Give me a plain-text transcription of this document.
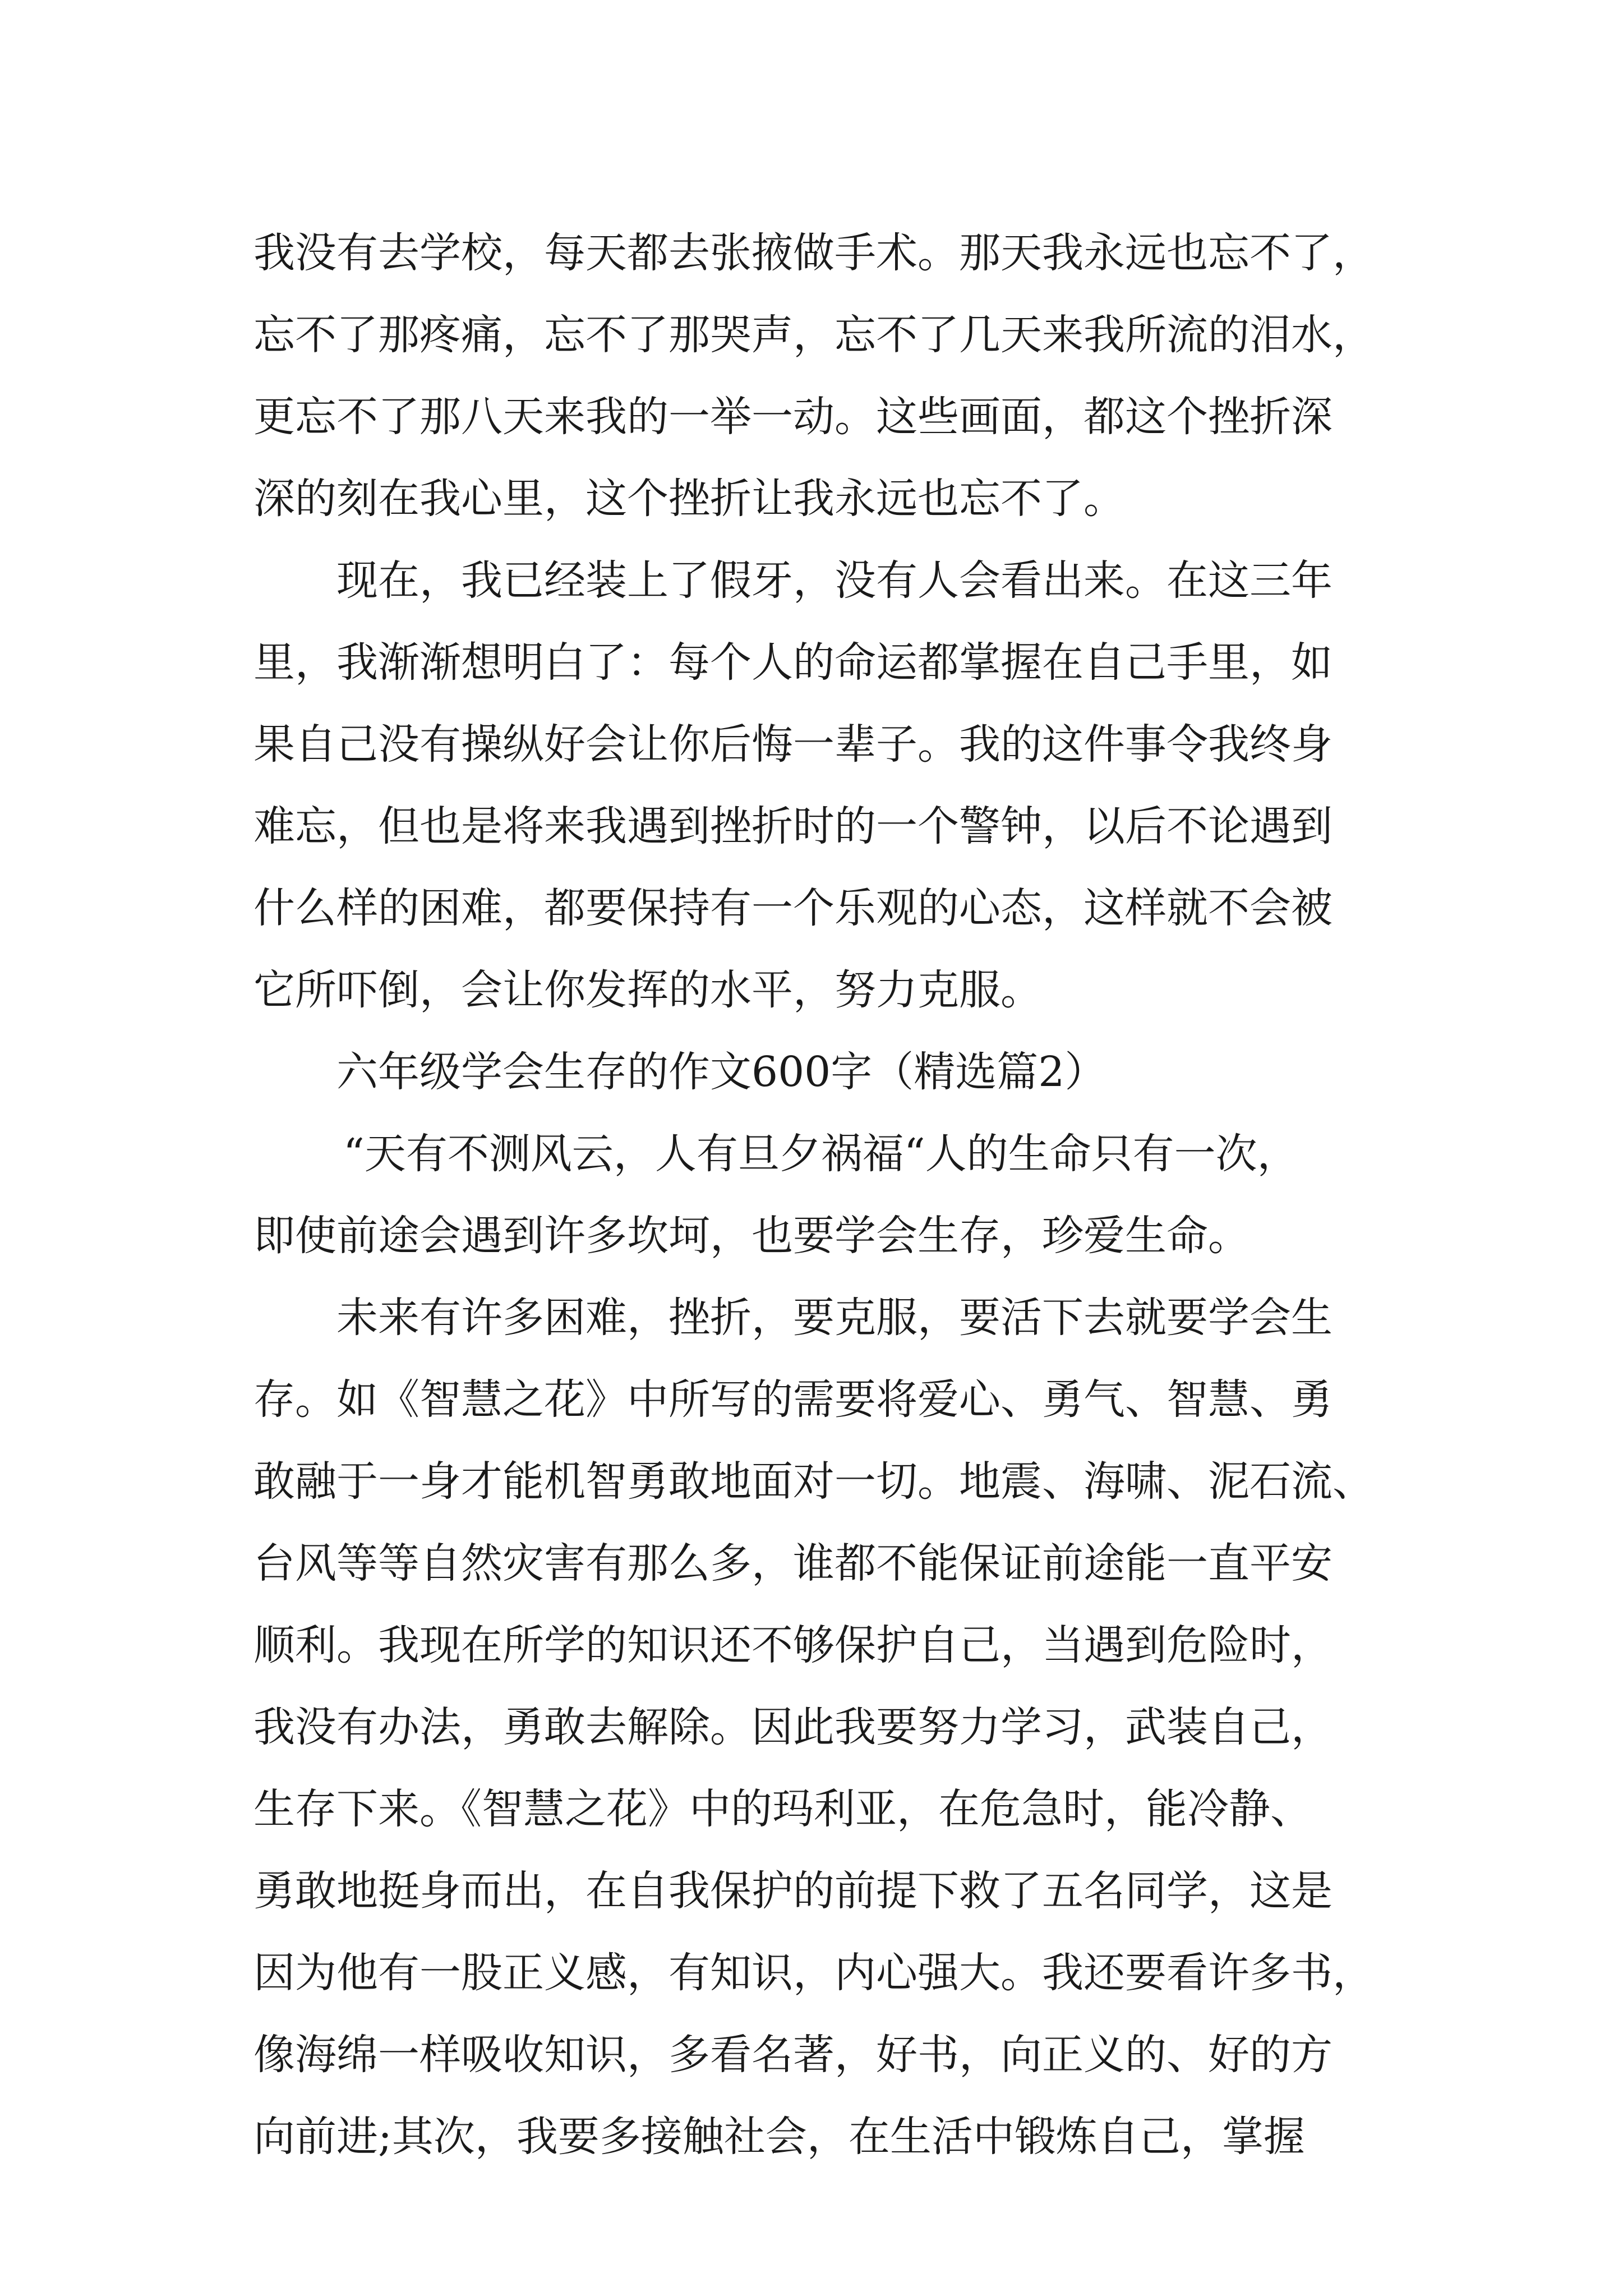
我没有去学校，每天都去张掖做手术。那天我永远也忘不了，
忘不了那疼痛，忘不了那哭声，忘不了几天来我所流的泪水，
更忘不了那八天来我的一举一动。这些画面，都这个挫折深
深的刻在我心里，这个挫折让我永远也忘不了。
现在，我已经装上了假牙，没有人会看出来。在这三年
里，我渐渐想明白了：每个人的命运都掌握在自己手里，如
果自己没有操纵好会让你后悔一辈子。我的这件事令我终身
难忘，但也是将来我遇到挫折时的一个警钟，以后不论遇到
什么样的困难，都要保持有一个乐观的心态，这样就不会被
它所吓倒，会让你发挥的水平，努力克服。
六年级学会生存的作文600字（精选篇2）
“天有不测风云，人有旦夕祸福“人的生命只有一次，
即使前途会遇到许多坎坷，也要学会生存，珍爱生命。
未来有许多困难，挫折，要克服，要活下去就要学会生
存。如《智慧之花》中所写的需要将爱心、勇气、智慧、勇
敢融于一身才能机智勇敢地面对一切。地震、海啸、泥石流、
台风等等自然灾害有那么多，谁都不能保证前途能一直平安
顺利。我现在所学的知识还不够保护自己，当遇到危险时，
我没有办法，勇敢去解除。因此我要努力学习，武装自己，
生存下来。《智慧之花》中的玛利亚，在危急时，能冷静、
勇敢地挺身而出，在自我保护的前提下救了五名同学，这是
因为他有一股正义感，有知识，内心强大。我还要看许多书，
像海绵一样吸收知识，多看名著，好书，向正义的、好的方
向前进;其次，我要多接触社会，在生活中锻炼自己，掌握
